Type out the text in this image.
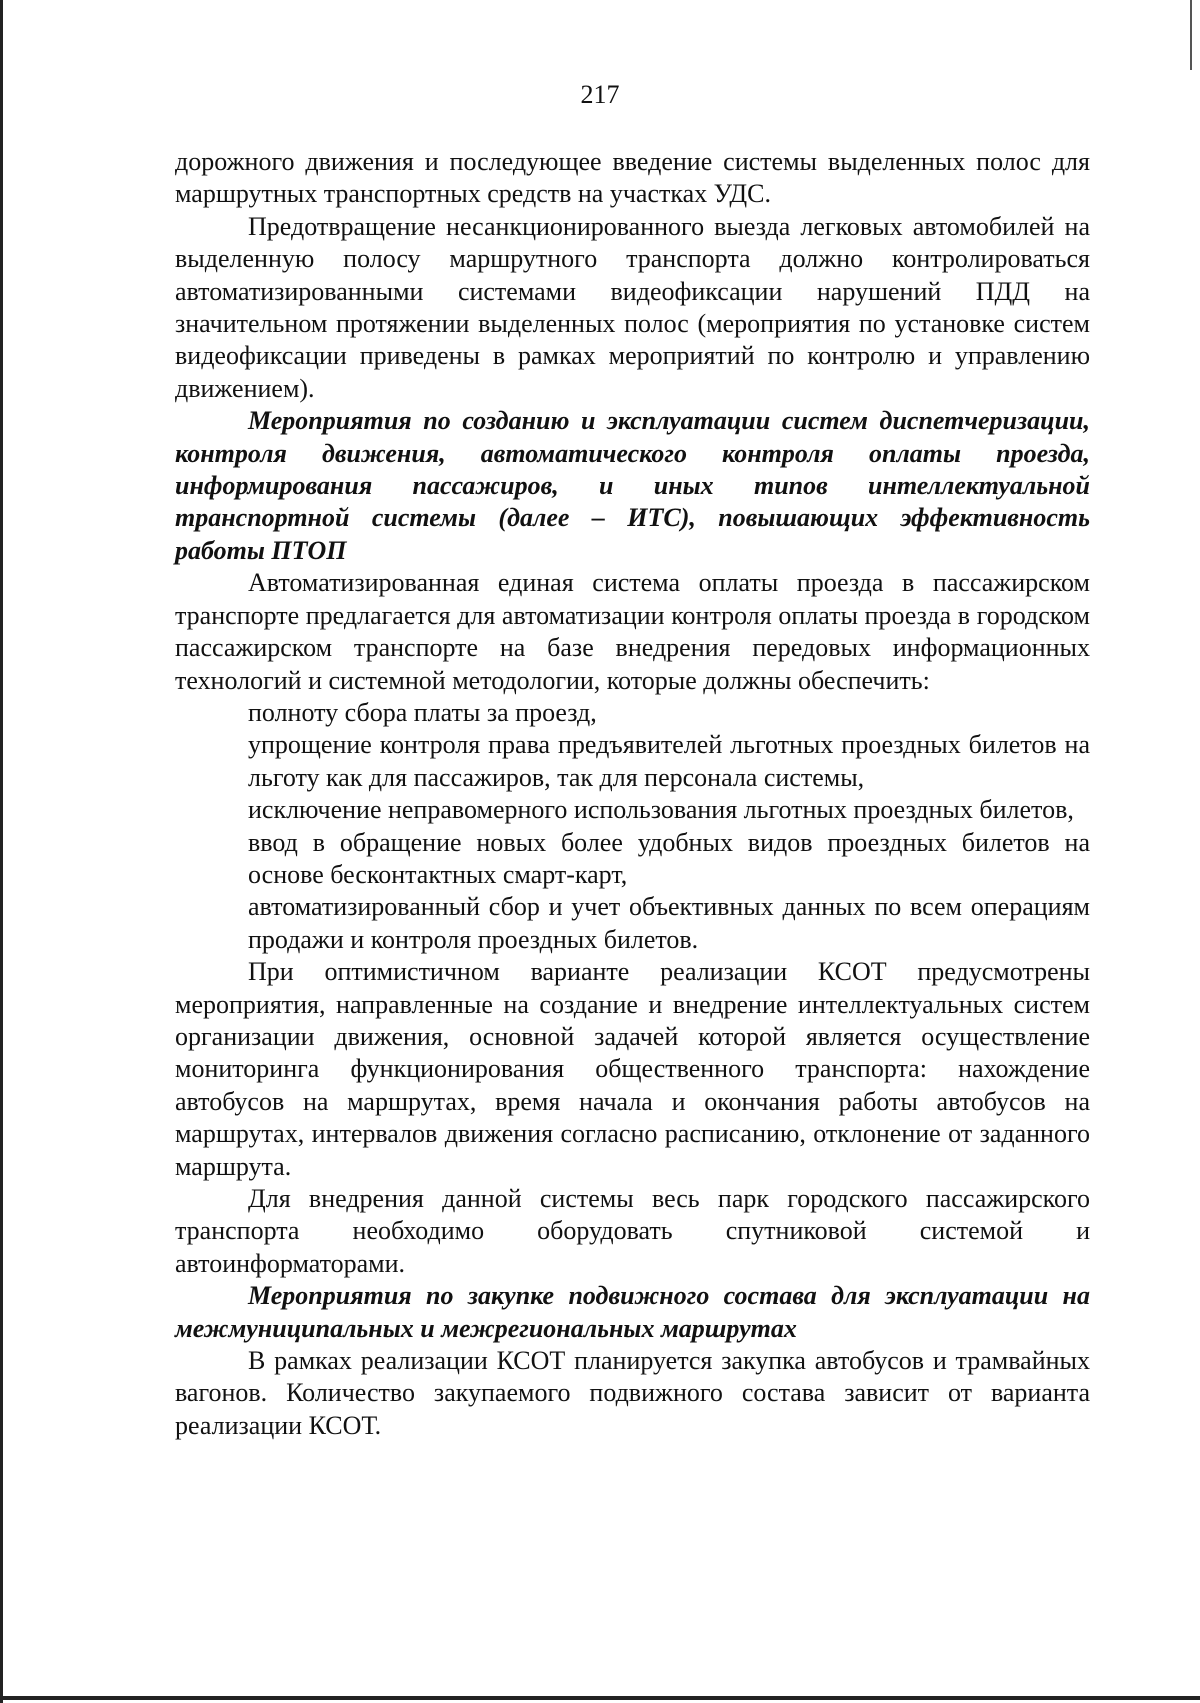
217

дорожного движения и последующее введение системы выделенных полос для маршрутных транспортных средств на участках УДС.

Предотвращение несанкционированного выезда легковых автомобилей на выделенную полосу маршрутного транспорта должно контролироваться автоматизированными системами видеофиксации нарушений ПДД на значительном протяжении выделенных полос (мероприятия по установке систем видеофиксации приведены в рамках мероприятий по контролю и управлению движением).

Мероприятия по созданию и эксплуатации систем диспетчеризации, контроля движения, автоматического контроля оплаты проезда, информирования пассажиров, и иных типов интеллектуальной транспортной системы (далее – ИТС), повышающих эффективность работы ПТОП

Автоматизированная единая система оплаты проезда в пассажирском транспорте предлагается для автоматизации контроля оплаты проезда в городском пассажирском транспорте на базе внедрения передовых информационных технологий и системной методологии, которые должны обеспечить:

полноту сбора платы за проезд,

упрощение контроля права предъявителей льготных проездных билетов на льготу как для пассажиров, так для персонала системы,

исключение неправомерного использования льготных проездных билетов,

ввод в обращение новых более удобных видов проездных билетов на основе бесконтактных смарт-карт,

автоматизированный сбор и учет объективных данных по всем операциям продажи и контроля проездных билетов.

При оптимистичном варианте реализации КСОТ предусмотрены мероприятия, направленные на создание и внедрение интеллектуальных систем организации движения, основной задачей которой является осуществление мониторинга функционирования общественного транспорта: нахождение автобусов на маршрутах, время начала и окончания работы автобусов на маршрутах, интервалов движения согласно расписанию, отклонение от заданного маршрута.

Для внедрения данной системы весь парк городского пассажирского транспорта необходимо оборудовать спутниковой системой и автоинформаторами.

Мероприятия по закупке подвижного состава для эксплуатации на межмуниципальных и межрегиональных маршрутах

В рамках реализации КСОТ планируется закупка автобусов и трамвайных вагонов. Количество закупаемого подвижного состава зависит от варианта реализации КСОТ.
